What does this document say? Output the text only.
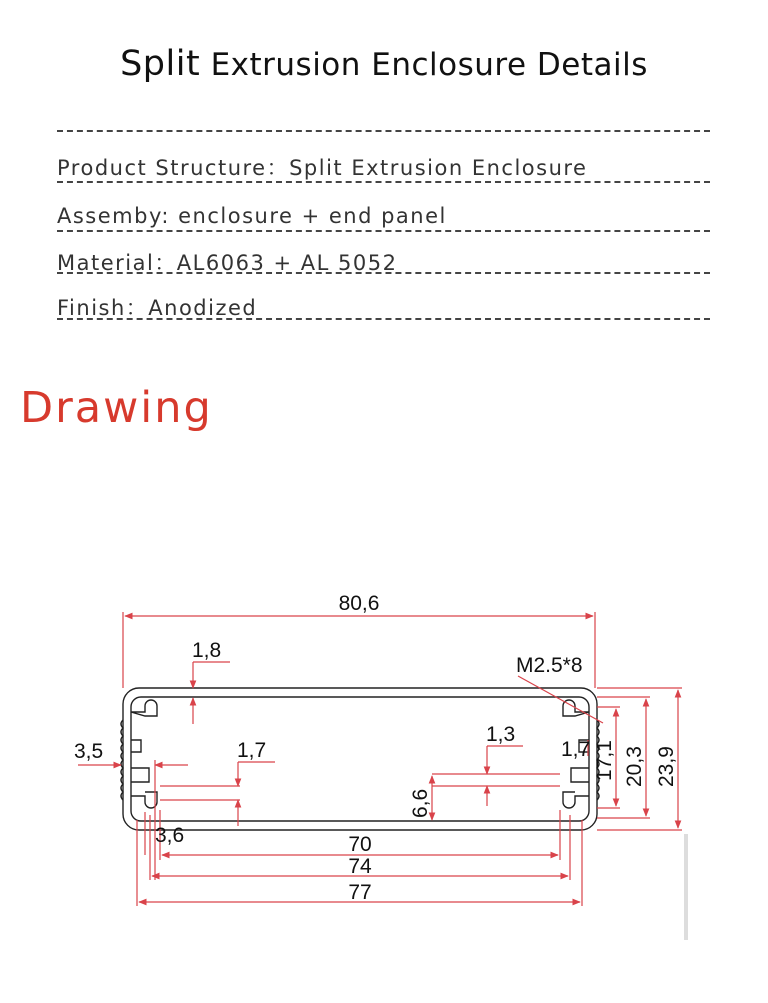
Split Extrusion Enclosure Details
Product Structure：Split Extrusion Enclosure
Assemby: enclosure + end panel
Material：AL6063 + AL 5052
Finish：Anodized
Drawing
80,6
1,8
M2.5*8
3,5	1,7
1,3
1,7
6,6
17,1 20,3 23,9
3,6	70
74
77
